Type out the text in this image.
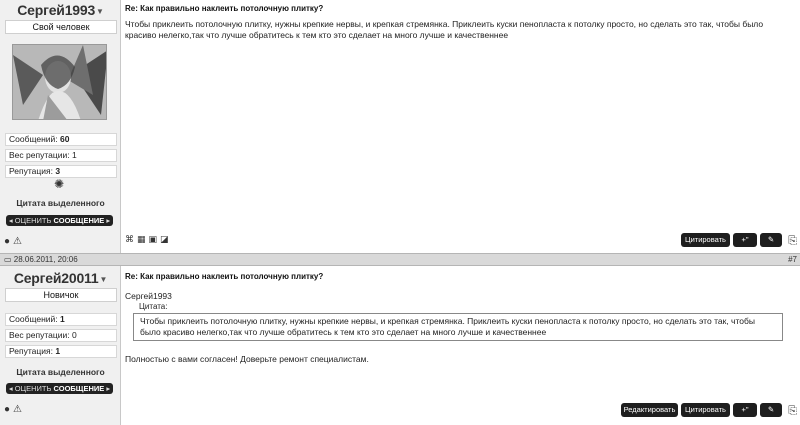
Сергей1993▼
Свой человек
Сообщений: 60
Вес репутации: 1
Репутация: 3
✺
Цитата выделенного
◂ ОЦЕНИТЬ СООБЩЕНИЕ ▸
● ⚠
Re: Как правильно наклеить потолочную плитку?
Чтобы приклеить потолочную плитку, нужны крепкие нервы, и крепкая стремянка. Приклеить куски пенопласта к потолку просто, но сделать это так, чтобы было красиво нелегко,так что лучше обратитесь к тем кто это сделает на много лучше и качественнее
⌘ ▦ ▣ ◪	Цитировать	+"	✎	⎘
▭ 28.06.2011, 20:06	#7
Сергей20011▼
Новичок
Сообщений: 1
Вес репутации: 0
Репутация: 1
Цитата выделенного
◂ ОЦЕНИТЬ СООБЩЕНИЕ ▸
● ⚠
Re: Как правильно наклеить потолочную плитку?
Сергей1993
Цитата:
Чтобы приклеить потолочную плитку, нужны крепкие нервы, и крепкая стремянка. Приклеить куски пенопласта к потолку просто, но сделать это так, чтобы было красиво нелегко,так что лучше обратитесь к тем кто это сделает на много лучше и качественнее
Полностью с вами согласен! Доверьте ремонт специалистам.
Редактировать	Цитировать	+"	✎	⎘
